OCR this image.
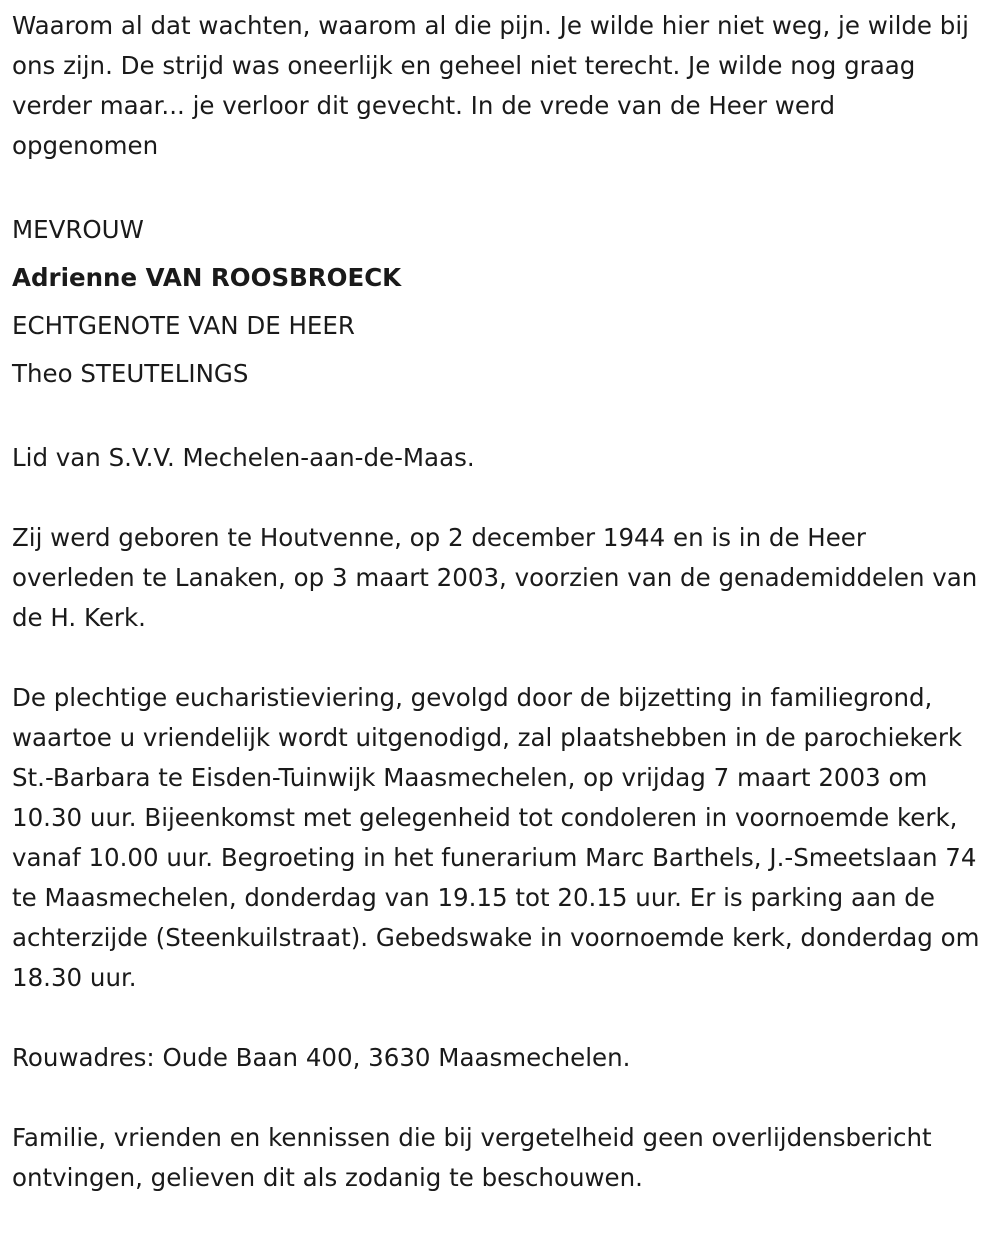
Waarom al dat wachten, waarom al die pijn. Je wilde hier niet weg, je wilde bij ons zijn. De strijd was oneerlijk en geheel niet terecht. Je wilde nog graag verder maar... je verloor dit gevecht. In de vrede van de Heer werd opgenomen

MEVROUW

Adrienne VAN ROOSBROECK

ECHTGENOTE VAN DE HEER

Theo STEUTELINGS

Lid van S.V.V. Mechelen-aan-de-Maas.

Zij werd geboren te Houtvenne, op 2 december 1944 en is in de Heer overleden te Lanaken, op 3 maart 2003, voorzien van de genademiddelen van de H. Kerk.

De plechtige eucharistieviering, gevolgd door de bijzetting in familiegrond, waartoe u vriendelijk wordt uitgenodigd, zal plaatshebben in de parochiekerk St.-Barbara te Eisden-Tuinwijk Maasmechelen, op vrijdag 7 maart 2003 om 10.30 uur. Bijeenkomst met gelegenheid tot condoleren in voornoemde kerk, vanaf 10.00 uur. Begroeting in het funerarium Marc Barthels, J.-Smeetslaan 74 te Maasmechelen, donderdag van 19.15 tot 20.15 uur. Er is parking aan de achterzijde (Steenkuilstraat). Gebedswake in voornoemde kerk, donderdag om 18.30 uur.

Rouwadres: Oude Baan 400, 3630 Maasmechelen.

Familie, vrienden en kennissen die bij vergetelheid geen overlijdensbericht ontvingen, gelieven dit als zodanig te beschouwen.
